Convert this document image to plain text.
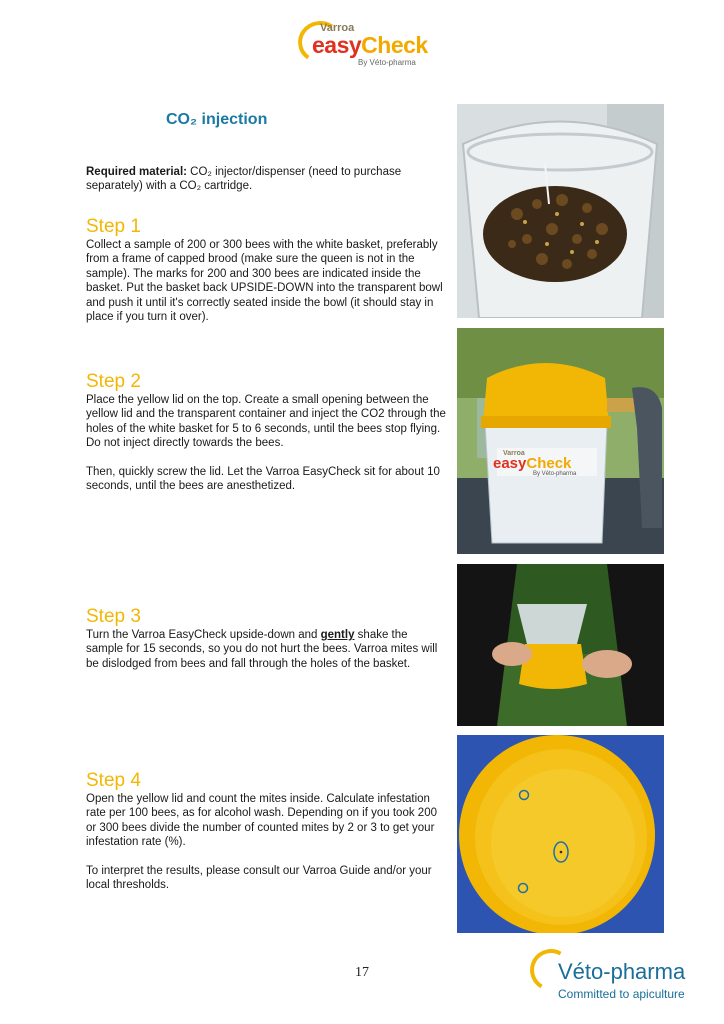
Varroa
easyCheck
By Véto-pharma
CO₂ injection
Required material: CO₂ injector/dispenser (need to purchase separately) with a CO₂ cartridge.
Step 1
Collect a sample of 200 or 300 bees with the white basket, preferably from a frame of capped brood (make sure the queen is not in the sample). The marks for 200 and 300 bees are indicated inside the basket. Put the basket back UPSIDE-DOWN into the transparent bowl and push it until it's correctly seated inside the bowl (it should stay in place if you turn it over).
Step 2
Place the yellow lid on the top. Create a small opening between the yellow lid and the transparent container and inject the CO2 through the holes of the white basket for 5 to 6 seconds, until the bees stop flying. Do not inject directly towards the bees.
Then, quickly screw the lid. Let the Varroa EasyCheck sit for about 10 seconds, until the bees are anesthetized.
Step 3
Turn the Varroa EasyCheck upside-down and gently shake the sample for 15 seconds, so you do not hurt the bees. Varroa mites will be dislodged from bees and fall through the holes of the basket.
Step 4
Open the yellow lid and count the mites inside. Calculate infestation rate per 100 bees, as for alcohol wash. Depending on if you took 200 or 300 bees divide the number of counted mites by 2 or 3 to get your infestation rate (%).
To interpret the results, please consult our Varroa Guide and/or your local thresholds.
Varroa
easyCheck
By Véto-pharma
17	Véto-pharma
Committed to apiculture
